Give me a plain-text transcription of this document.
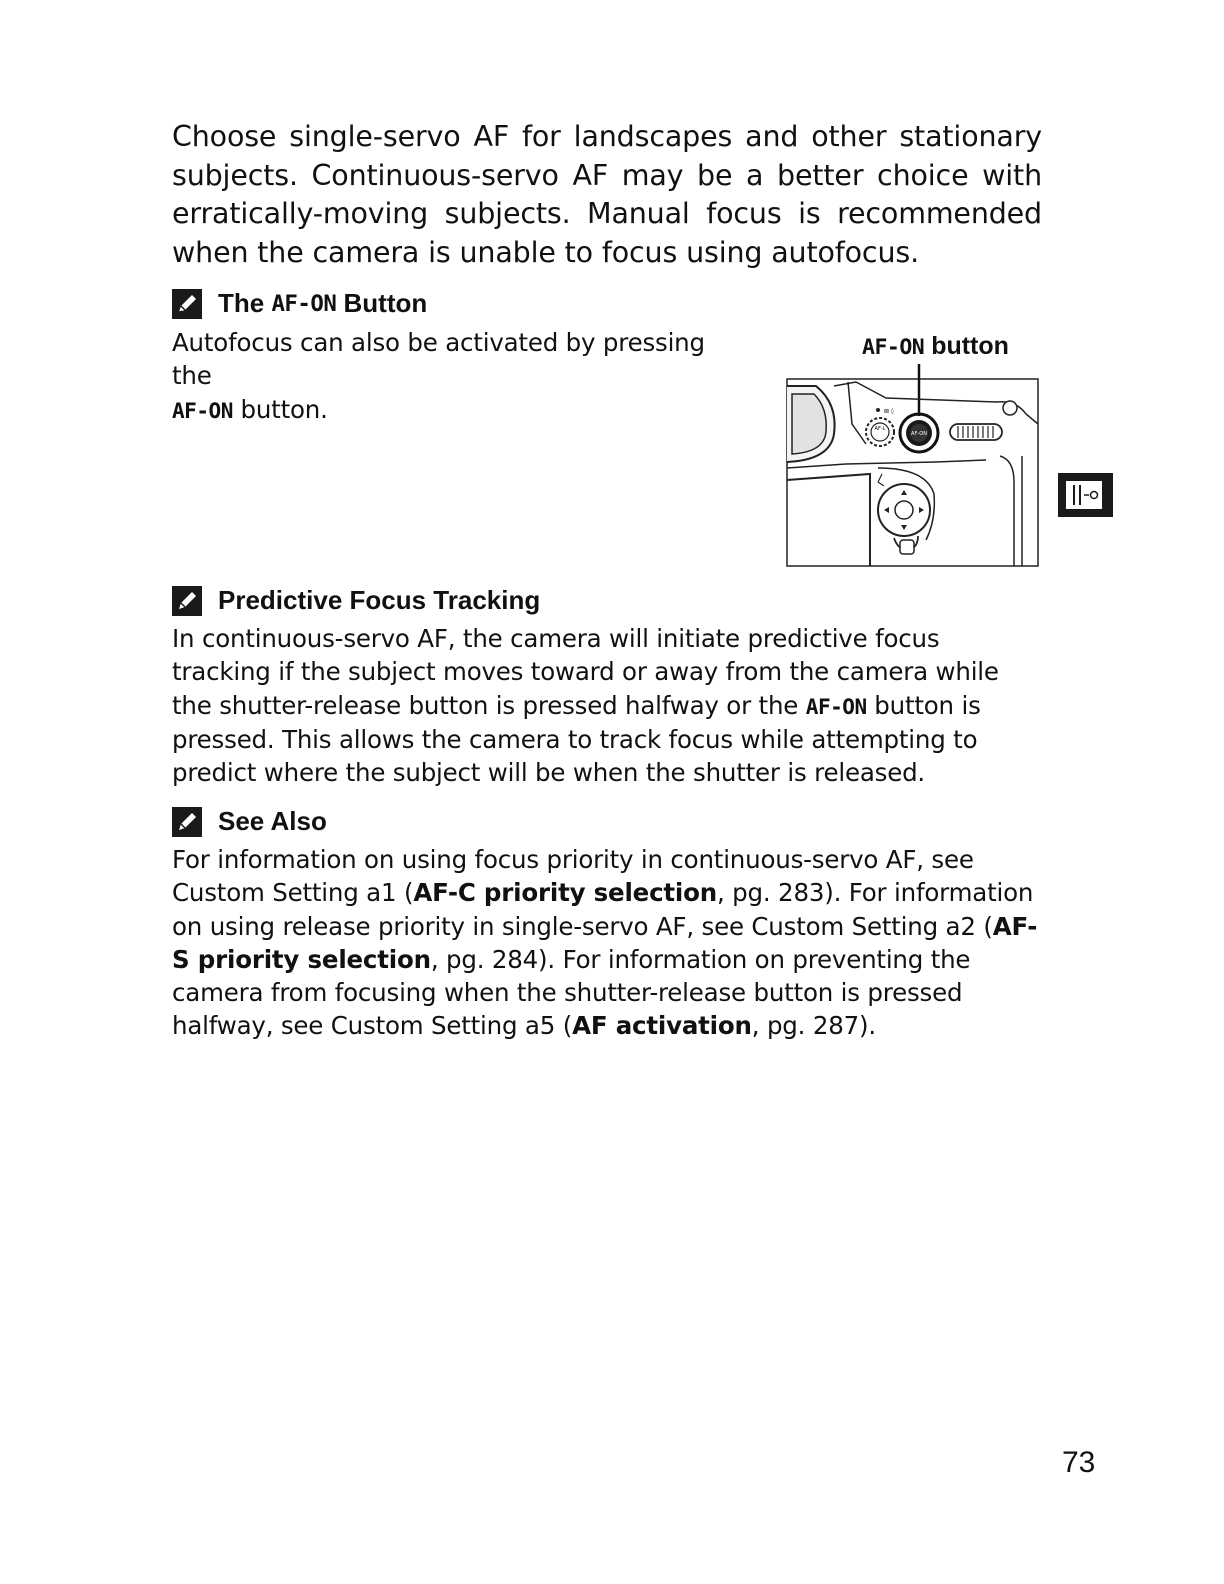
Choose single-servo AF for landscapes and other stationary subjects. Continuous-servo AF may be a better choice with erratically-moving subjects. Manual focus is recommended when the camera is unable to focus using autofocus.

The
AF-ON
Button

Autofocus can also be activated by pressing the
AF-ON button.

AF-ON button
⊠ ◊
AF-L
AF-ON
Predictive Focus Tracking

In continuous-servo AF, the camera will initiate predictive focus tracking if the subject moves toward or away from the camera while the shutter-release button is pressed halfway or the AF-ON button is pressed. This allows the camera to track focus while attempting to predict where the subject will be when the shutter is released.

See Also

For information on using focus priority in continuous-servo AF, see Custom Setting a1 (AF-C priority selection, pg. 283). For information on using release priority in single-servo AF, see Custom Setting a2 (AF-S priority selection, pg. 284). For information on preventing the camera from focusing when the shutter-release button is pressed halfway, see Custom Setting a5 (AF activation, pg. 287).

73
